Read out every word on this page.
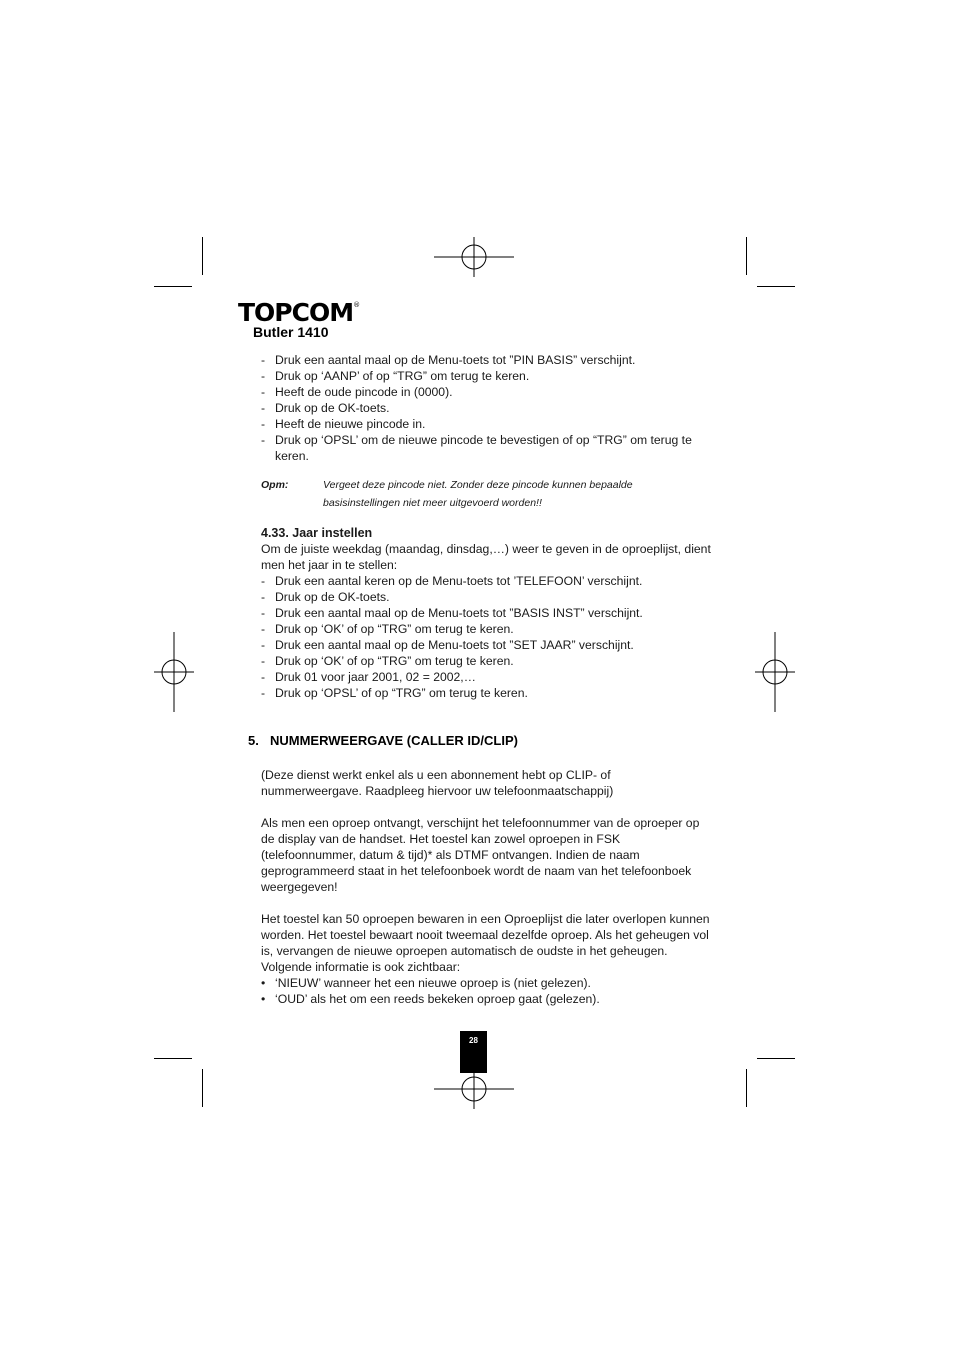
TOPCOM®
Butler 1410
- Druk een aantal maal op de Menu-toets tot ”PIN BASIS” verschijnt.
- Druk op ‘AANP’ of op “TRG” om terug te keren.
- Heeft de oude pincode in (0000).
- Druk op de OK-toets.
- Heeft de nieuwe pincode in.
- Druk op ‘OPSL’ om de nieuwe pincode te bevestigen of op “TRG” om terug te keren.
Opm:	Vergeet deze pincode niet. Zonder deze pincode kunnen bepaalde
basisinstellingen niet meer uitgevoerd worden!!
4.33. Jaar instellen

Om de juiste weekdag (maandag, dinsdag,…) weer te geven in de oproeplijst, dient men het jaar in te stellen:

- Druk een aantal keren op de Menu-toets tot ’TELEFOON’ verschijnt.
- Druk op de OK-toets.
- Druk een aantal maal op de Menu-toets tot ”BASIS INST” verschijnt.
- Druk op ‘OK’ of op “TRG” om terug te keren.
- Druk een aantal maal op de Menu-toets tot ”SET JAAR” verschijnt.
- Druk op ‘OK’ of op “TRG” om terug te keren.
- Druk 01 voor jaar 2001, 02 = 2002,…
- Druk op ‘OPSL’ of op “TRG” om terug te keren.
5. NUMMERWEERGAVE (CALLER ID/CLIP)

(Deze dienst werkt enkel als u een abonnement hebt op CLIP- of nummerweergave. Raadpleeg hiervoor uw telefoonmaatschappij)

Als men een oproep ontvangt, verschijnt het telefoonnummer van de oproeper op de display van de handset. Het toestel kan zowel oproepen in FSK (telefoonnummer, datum & tijd)* als DTMF ontvangen. Indien de naam geprogrammeerd staat in het telefoonboek wordt de naam van het telefoonboek weergegeven!

Het toestel kan 50 oproepen bewaren in een Oproeplijst die later overlopen kunnen worden. Het toestel bewaart nooit tweemaal dezelfde oproep. Als het geheugen vol is, vervangen de nieuwe oproepen automatisch de oudste in het geheugen. Volgende informatie is ook zichtbaar:

• ‘NIEUW’ wanneer het een nieuwe oproep is (niet gelezen).
• ‘OUD’ als het om een reeds bekeken oproep gaat (gelezen).
28
